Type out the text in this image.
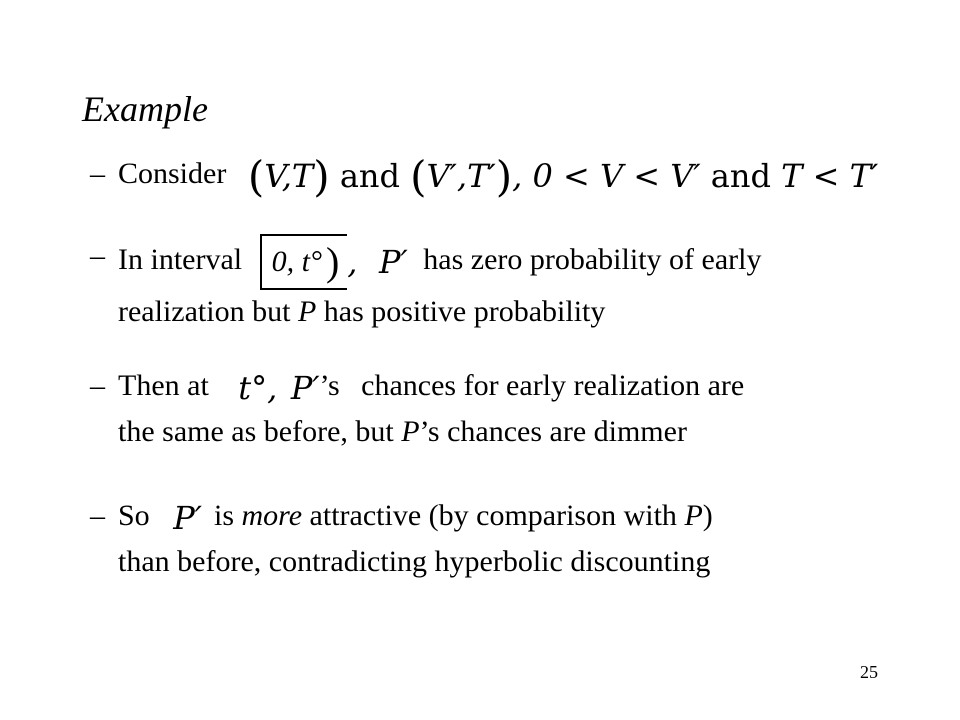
Example
– Consider (V,T) and (V′,T′), 0 < V < V′ and T < T′
– In interval 0, t° ) , P′ has zero probability of early
realization but P has positive probability
– Then at t°, P′’s chances for early realization are
the same as before, but P’s chances are dimmer
– So P′ is more attractive (by comparison with P)
than before, contradicting hyperbolic discounting
25
